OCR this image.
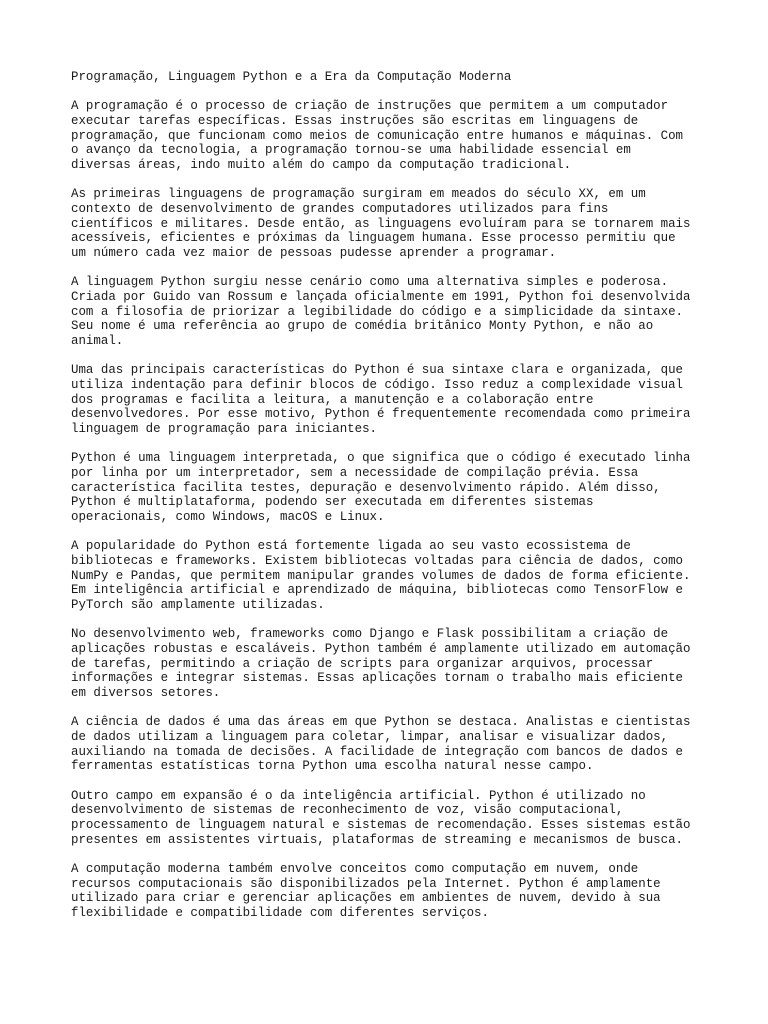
Programação, Linguagem Python e a Era da Computação Moderna
A programação é o processo de criação de instruções que permitem a um computador
executar tarefas específicas. Essas instruções são escritas em linguagens de
programação, que funcionam como meios de comunicação entre humanos e máquinas. Com
o avanço da tecnologia, a programação tornou-se uma habilidade essencial em
diversas áreas, indo muito além do campo da computação tradicional.
As primeiras linguagens de programação surgiram em meados do século XX, em um
contexto de desenvolvimento de grandes computadores utilizados para fins
científicos e militares. Desde então, as linguagens evoluíram para se tornarem mais
acessíveis, eficientes e próximas da linguagem humana. Esse processo permitiu que
um número cada vez maior de pessoas pudesse aprender a programar.
A linguagem Python surgiu nesse cenário como uma alternativa simples e poderosa.
Criada por Guido van Rossum e lançada oficialmente em 1991, Python foi desenvolvida
com a filosofia de priorizar a legibilidade do código e a simplicidade da sintaxe.
Seu nome é uma referência ao grupo de comédia britânico Monty Python, e não ao
animal.
Uma das principais características do Python é sua sintaxe clara e organizada, que
utiliza indentação para definir blocos de código. Isso reduz a complexidade visual
dos programas e facilita a leitura, a manutenção e a colaboração entre
desenvolvedores. Por esse motivo, Python é frequentemente recomendada como primeira
linguagem de programação para iniciantes.
Python é uma linguagem interpretada, o que significa que o código é executado linha
por linha por um interpretador, sem a necessidade de compilação prévia. Essa
característica facilita testes, depuração e desenvolvimento rápido. Além disso,
Python é multiplataforma, podendo ser executada em diferentes sistemas
operacionais, como Windows, macOS e Linux.
A popularidade do Python está fortemente ligada ao seu vasto ecossistema de
bibliotecas e frameworks. Existem bibliotecas voltadas para ciência de dados, como
NumPy e Pandas, que permitem manipular grandes volumes de dados de forma eficiente.
Em inteligência artificial e aprendizado de máquina, bibliotecas como TensorFlow e
PyTorch são amplamente utilizadas.
No desenvolvimento web, frameworks como Django e Flask possibilitam a criação de
aplicações robustas e escaláveis. Python também é amplamente utilizado em automação
de tarefas, permitindo a criação de scripts para organizar arquivos, processar
informações e integrar sistemas. Essas aplicações tornam o trabalho mais eficiente
em diversos setores.
A ciência de dados é uma das áreas em que Python se destaca. Analistas e cientistas
de dados utilizam a linguagem para coletar, limpar, analisar e visualizar dados,
auxiliando na tomada de decisões. A facilidade de integração com bancos de dados e
ferramentas estatísticas torna Python uma escolha natural nesse campo.
Outro campo em expansão é o da inteligência artificial. Python é utilizado no
desenvolvimento de sistemas de reconhecimento de voz, visão computacional,
processamento de linguagem natural e sistemas de recomendação. Esses sistemas estão
presentes em assistentes virtuais, plataformas de streaming e mecanismos de busca.
A computação moderna também envolve conceitos como computação em nuvem, onde
recursos computacionais são disponibilizados pela Internet. Python é amplamente
utilizado para criar e gerenciar aplicações em ambientes de nuvem, devido à sua
flexibilidade e compatibilidade com diferentes serviços.
